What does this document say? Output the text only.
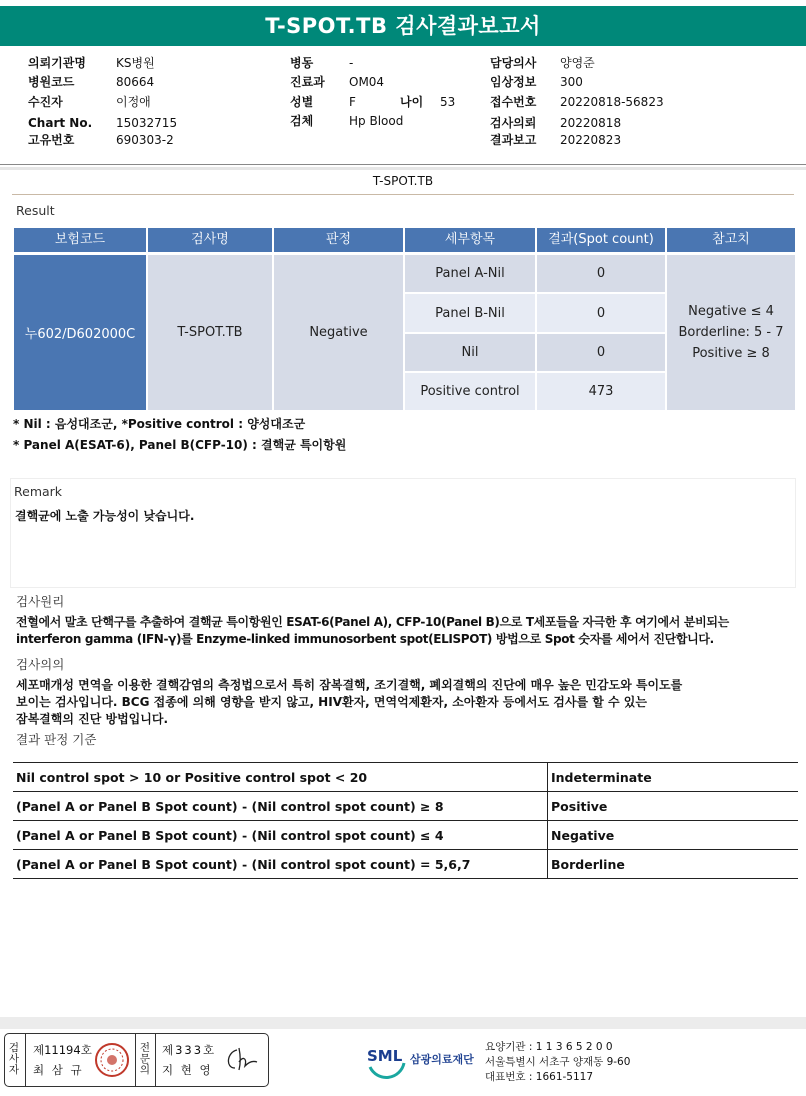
T-SPOT.TB 검사결과보고서
의뢰기관명	KS병원
병원코드	80664
수진자	이정애
Chart No. 15032715
고유번호	690303-2
병동	-
진료과 OM04
성별	F	나이 53
검체	Hp Blood
담당의사 양영준
임상정보 300
접수번호 20220818-56823
검사의뢰 20220818
결과보고 20220823
T-SPOT.TB
Result
보험코드	검사명	판정	세부항목	결과(Spot count)	참고치
누602/D602000C	T-SPOT.TB	Negative
Panel A-Nil	0
Panel B-Nil	0
Nil	0
Positive control	473
Negative ≤ 4
Borderline: 5 - 7
Positive ≥ 8
* Nil : 음성대조군, *Positive control : 양성대조군
* Panel A(ESAT-6), Panel B(CFP-10) : 결핵균 특이항원
Remark
결핵균에 노출 가능성이 낮습니다.
검사원리
전혈에서 말초 단핵구를 추출하여 결핵균 특이항원인 ESAT-6(Panel A), CFP-10(Panel B)으로 T세포들을 자극한 후 여기에서 분비되는
interferon gamma (IFN-γ)를 Enzyme-linked immunosorbent spot(ELISPOT) 방법으로 Spot 숫자를 세어서 진단합니다.
검사의의
세포매개성 면역을 이용한 결핵감염의 측정법으로서 특히 잠복결핵, 조기결핵, 폐외결핵의 진단에 매우 높은 민감도와 특이도를
보이는 검사입니다. BCG 접종에 의해 영향을 받지 않고, HIV환자, 면역억제환자, 소아환자 등에서도 검사를 할 수 있는
잠복결핵의 진단 방법입니다.
결과 판정 기준
Nil control spot > 10 or Positive control spot < 20	Indeterminate
(Panel A or Panel B Spot count) - (Nil control spot count) ≥ 8	Positive
(Panel A or Panel B Spot count) - (Nil control spot count) ≤ 4	Negative
(Panel A or Panel B Spot count) - (Nil control spot count) = 5,6,7	Borderline
검사자
제11194호
최 삼 규
전문의
제333호
지 현 영
SML 삼광의료재단
요양기관 : 1 1 3 6 5 2 0 0
서울특별시 서초구 양재동 9-60
대표번호 : 1661-5117
